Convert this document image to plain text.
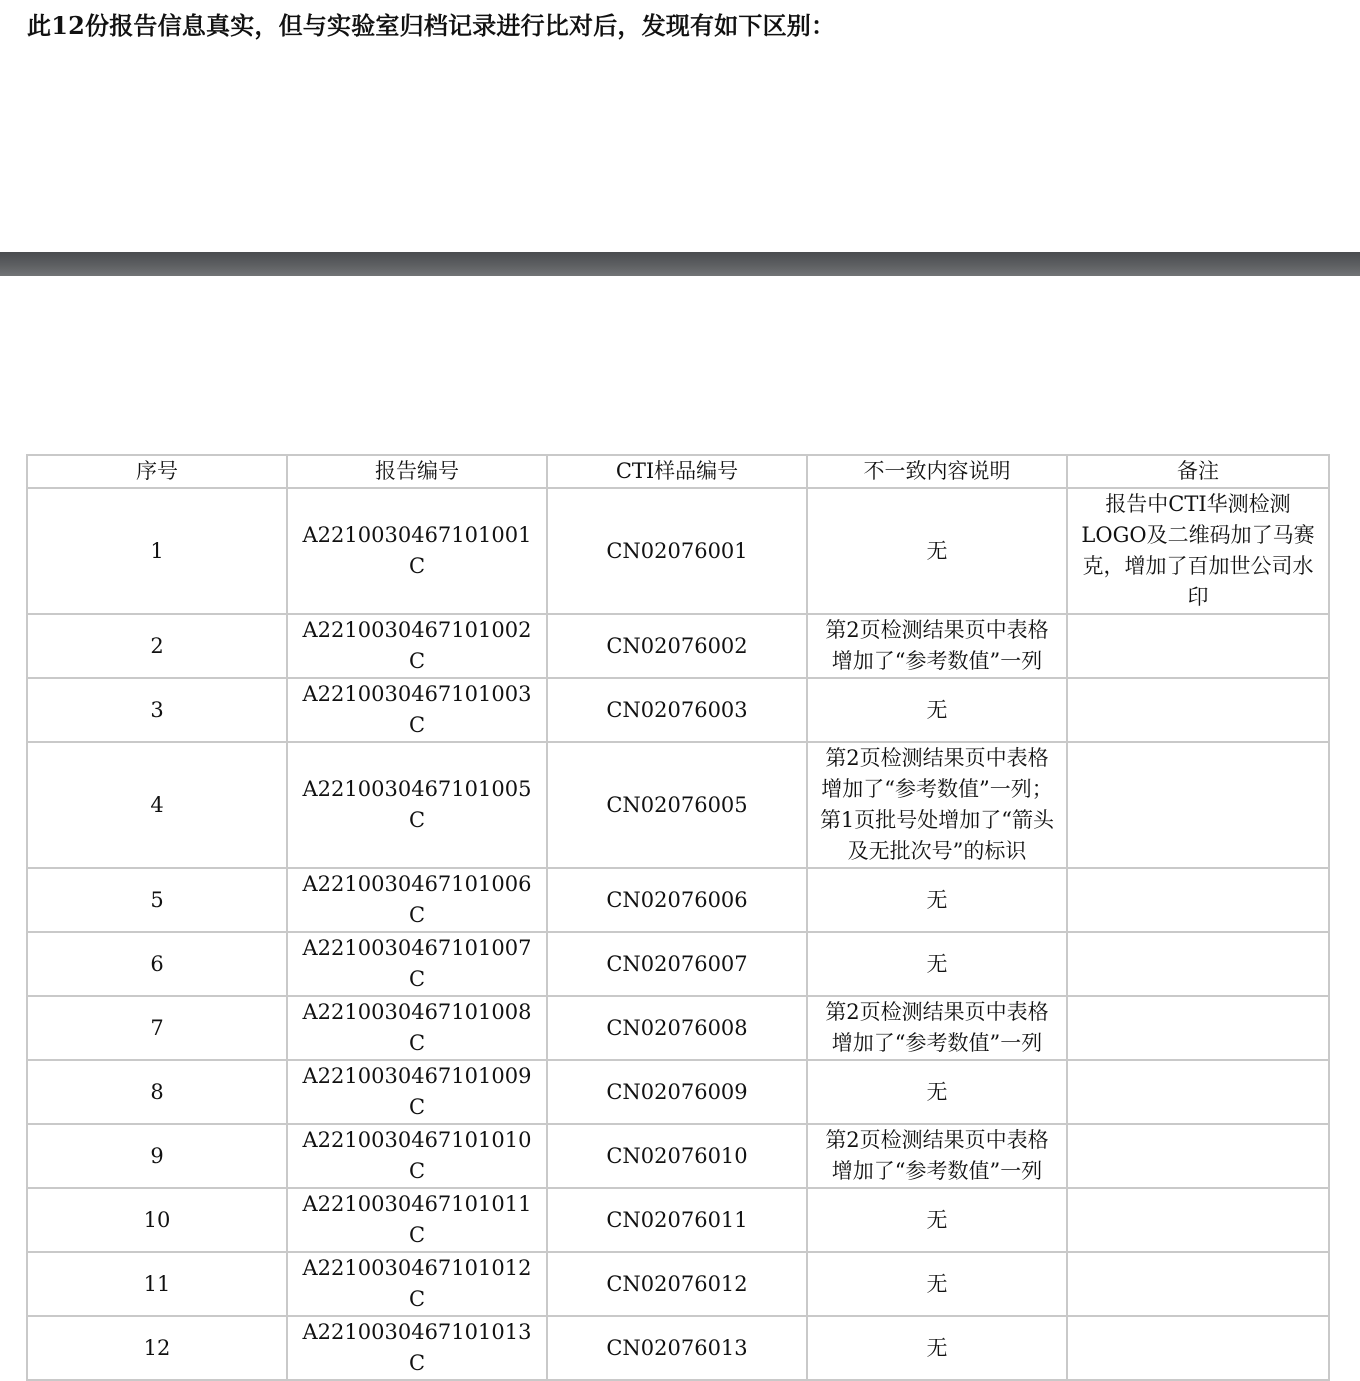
此12份报告信息真实，但与实验室归档记录进行比对后，发现有如下区别：
序号	报告编号	CTI样品编号	不一致内容说明	备注
1	A2210030467101001C	CN02076001	无	报告中CTI华测检测LOGO及二维码加了马赛克，增加了百加世公司水印
2	A2210030467101002C	CN02076002	第2页检测结果页中表格增加了“参考数值”一列	

3	A2210030467101003C	CN02076003	无	

4	A2210030467101005C	CN02076005	第2页检测结果页中表格增加了“参考数值”一列；
第1页批号处增加了“箭头及无批次号”的标识	

5	A2210030467101006C	CN02076006	无	

6	A2210030467101007C	CN02076007	无	

7	A2210030467101008C	CN02076008	第2页检测结果页中表格增加了“参考数值”一列	

8	A2210030467101009C	CN02076009	无	

9	A2210030467101010C	CN02076010	第2页检测结果页中表格增加了“参考数值”一列	

10	A2210030467101011C	CN02076011	无	

11	A2210030467101012C	CN02076012	无	

12	A2210030467101013C	CN02076013	无	
